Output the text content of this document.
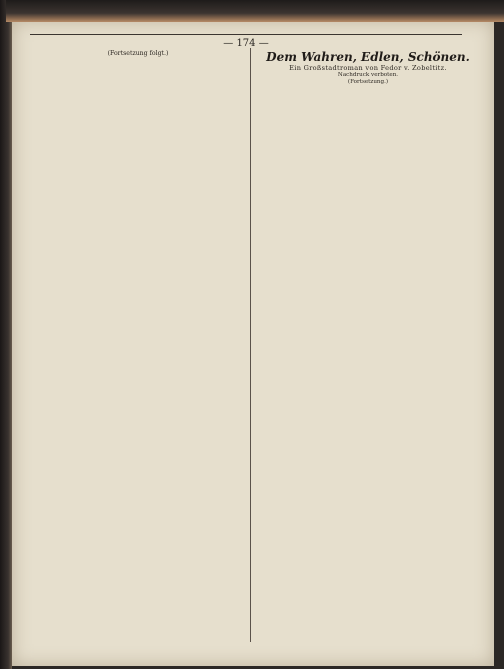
— 174 —

(Fortsetzung folgt.)	Dem Wahren, Edlen, Schönen.

Ein Großstadtroman von Fedor v. Zobeltitz.

Nachdruck verboten.

(Fortsetzung.)
